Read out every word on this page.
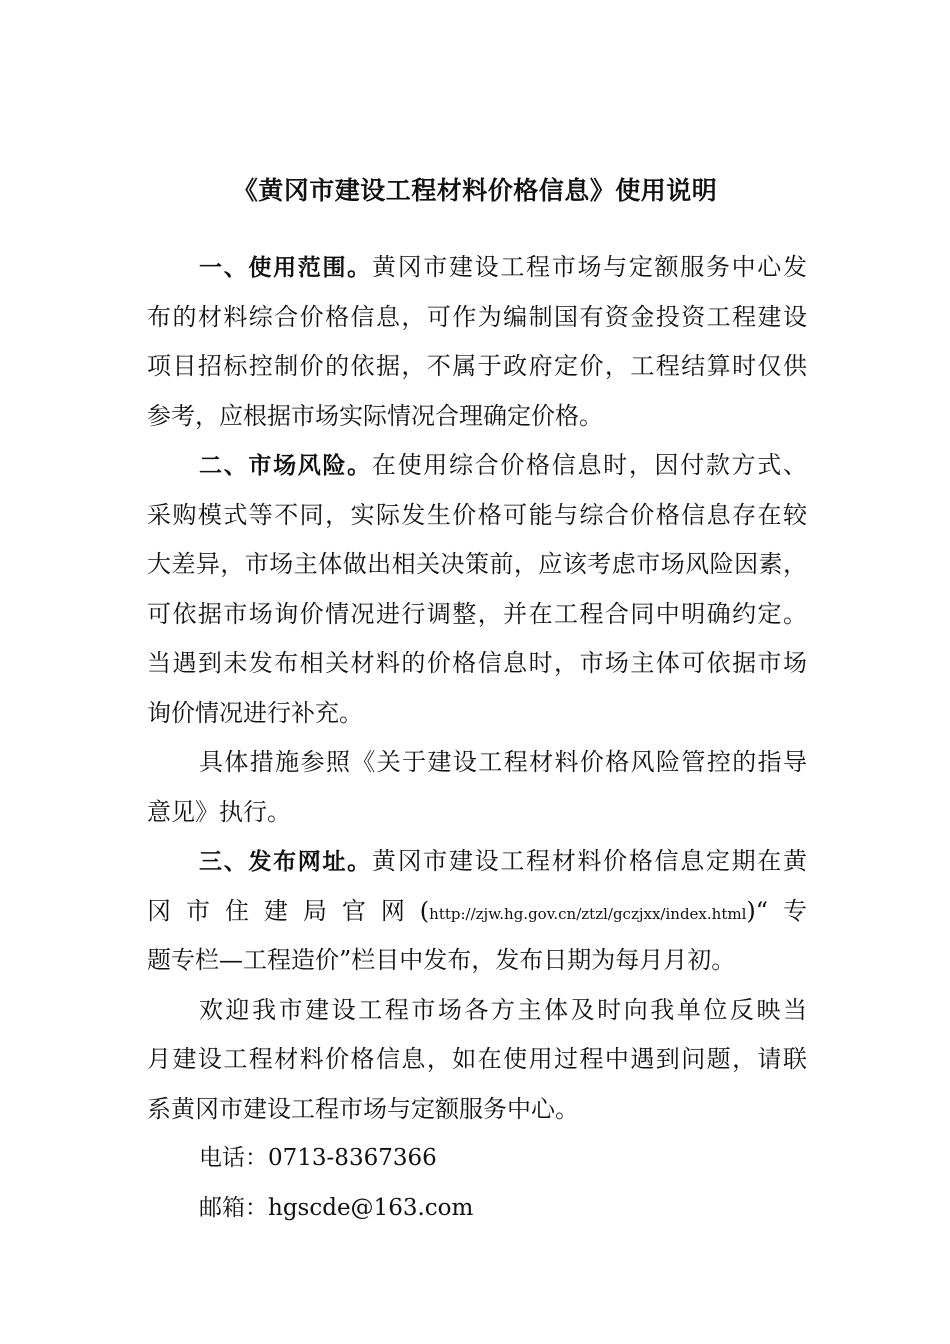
《黄冈市建设工程材料价格信息》使用说明
一、使用范围。黄冈市建设工程市场与定额服务中心发
布的材料综合价格信息，可作为编制国有资金投资工程建设
项目招标控制价的依据，不属于政府定价，工程结算时仅供
参考，应根据市场实际情况合理确定价格。
二、市场风险。在使用综合价格信息时，因付款方式、
采购模式等不同，实际发生价格可能与综合价格信息存在较
大差异，市场主体做出相关决策前，应该考虑市场风险因素，
可依据市场询价情况进行调整，并在工程合同中明确约定。
当遇到未发布相关材料的价格信息时，市场主体可依据市场
询价情况进行补充。
具体措施参照《关于建设工程材料价格风险管控的指导
意见》执行。
三、发布网址。黄冈市建设工程材料价格信息定期在黄
冈市住建局官网(http://zjw.hg.gov.cn/ztzl/gczjxx/index.html)“专
题专栏—工程造价”栏目中发布，发布日期为每月月初。
欢迎我市建设工程市场各方主体及时向我单位反映当
月建设工程材料价格信息，如在使用过程中遇到问题，请联
系黄冈市建设工程市场与定额服务中心。
电话：0713-8367366
邮箱：hgscde@163.com
